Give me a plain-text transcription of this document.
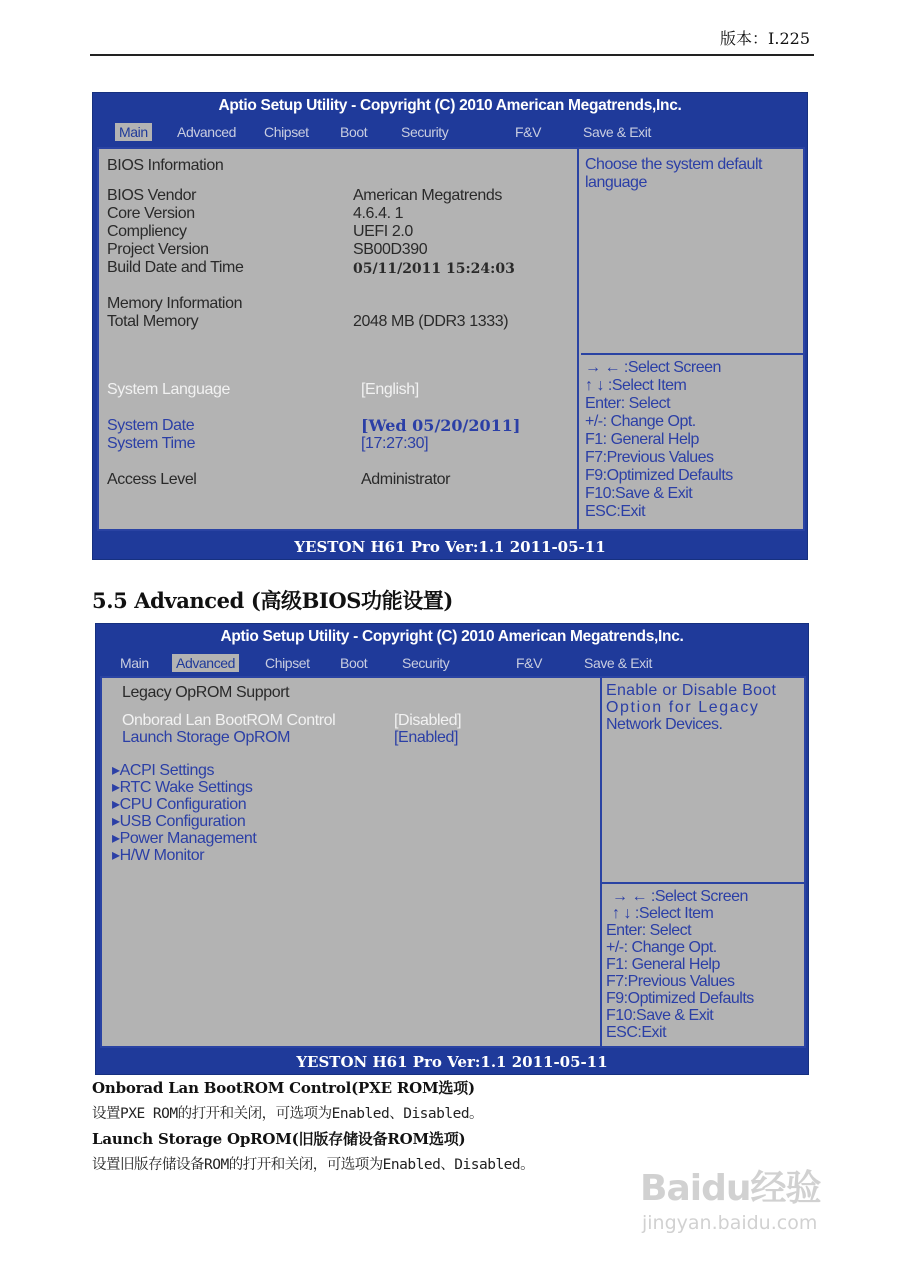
版本：I.225
Aptio Setup Utility - Copyright (C) 2010 American Megatrends,Inc.
Main Advanced Chipset Boot Security	F&V	Save & Exit
BIOS Information
BIOS Vendor	American Megatrends
Core Version	4.6.4. 1
Compliency	UEFI 2.0
Project Version	SB00D390
Build Date and Time	05/11/2011 15:24:03
Memory Information
Total Memory	2048 MB (DDR3 1333)
System Language	[English]
System Date	[Wed 05/20/2011]
System Time	[17:27:30]
Access Level	Administrator
Choose the system default
language
→ ← :Select Screen
↑ ↓ :Select Item
Enter: Select
+/-: Change Opt.
F1: General Help
F7:Previous Values
F9:Optimized Defaults
F10:Save & Exit
ESC:Exit
YESTON H61 Pro Ver:1.1 2011-05-11
5.5 Advanced (高级BIOS功能设置)
Aptio Setup Utility - Copyright (C) 2010 American Megatrends,Inc.
Main Advanced Chipset Boot Security	F&V	Save & Exit
Legacy OpROM Support
Onborad Lan BootROM Control	[Disabled]
Launch Storage OpROM	[Enabled]
▸ACPI Settings
▸RTC Wake Settings
▸CPU Configuration
▸USB Configuration
▸Power Management
▸H/W Monitor
Enable or Disable Boot
Option for Legacy
Network Devices.
→ ← :Select Screen
↑ ↓ :Select Item
Enter: Select
+/-: Change Opt.
F1: General Help
F7:Previous Values
F9:Optimized Defaults
F10:Save & Exit
ESC:Exit
YESTON H61 Pro Ver:1.1 2011-05-11
Onborad Lan BootROM Control(PXE ROM选项)
设置PXE ROM的打开和关闭，可选项为Enabled、Disabled。
Launch Storage OpROM(旧版存储设备ROM选项)
设置旧版存储设备ROM的打开和关闭，可选项为Enabled、Disabled。
Baidu经验
jingyan.baidu.com
